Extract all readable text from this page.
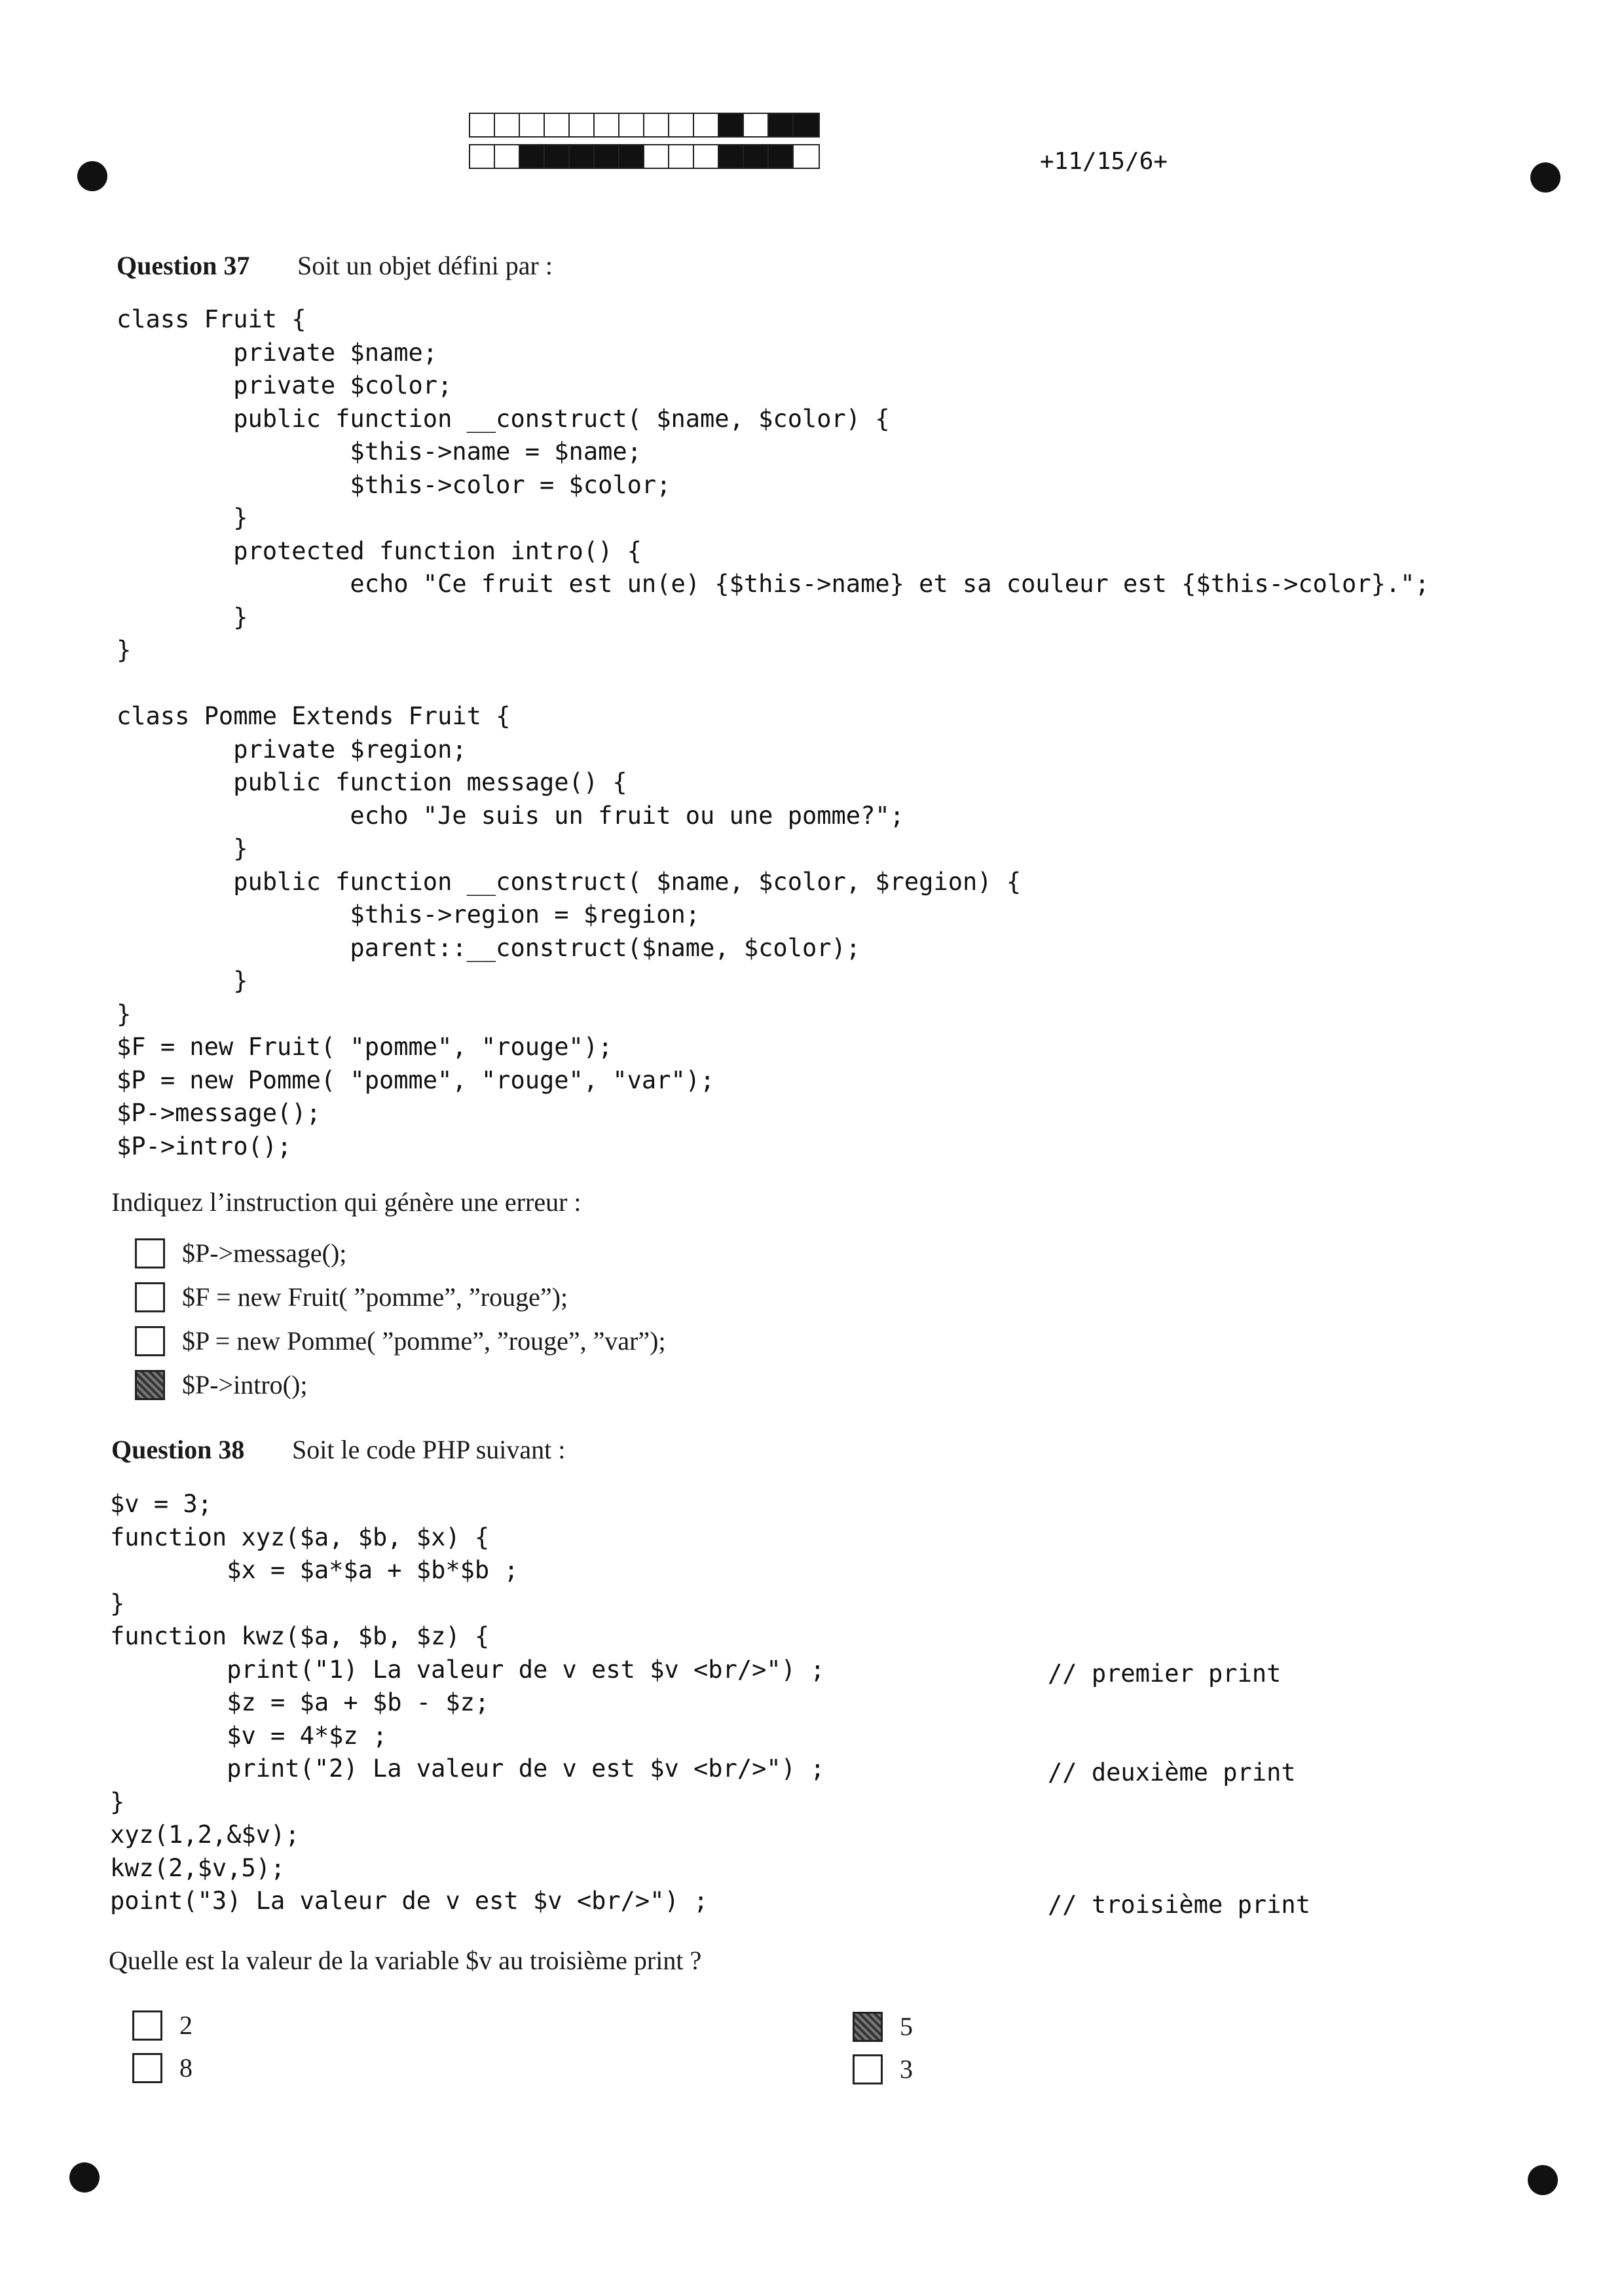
+11/15/6+
Question 37	Soit un objet défini par :
class Fruit {
private $name;
private $color;
public function __construct( $name, $color) {
$this->name = $name;
$this->color = $color;
}
protected function intro() {
echo "Ce fruit est un(e) {$this->name} et sa couleur est {$this->color}.";
}
}

class Pomme Extends Fruit {
private $region;
public function message() {
echo "Je suis un fruit ou une pomme?";
}
public function __construct( $name, $color, $region) {
$this->region = $region;
parent::__construct($name, $color);
}
}
$F = new Fruit( "pomme", "rouge");
$P = new Pomme( "pomme", "rouge", "var");
$P->message();
$P->intro();
Indiquez l’instruction qui génère une erreur :
$P->message();
$F = new Fruit( ”pomme”, ”rouge”);
$P = new Pomme( ”pomme”, ”rouge”, ”var”);
$P->intro();
Question 38	Soit le code PHP suivant :
$v = 3;
function xyz($a, $b, $x) {
$x = $a*$a + $b*$b ;
}
function kwz($a, $b, $z) {
print("1) La valeur de v est $v <br/>") ;
$z = $a + $b - $z;
$v = 4*$z ;
print("2) La valeur de v est $v <br/>") ;
}
xyz(1,2,&$v);
kwz(2,$v,5);
point("3) La valeur de v est $v <br/>") ;
// premier print
// deuxième print
// troisième print
Quelle est la valeur de la variable $v au troisième print ?
2	5
8	3
